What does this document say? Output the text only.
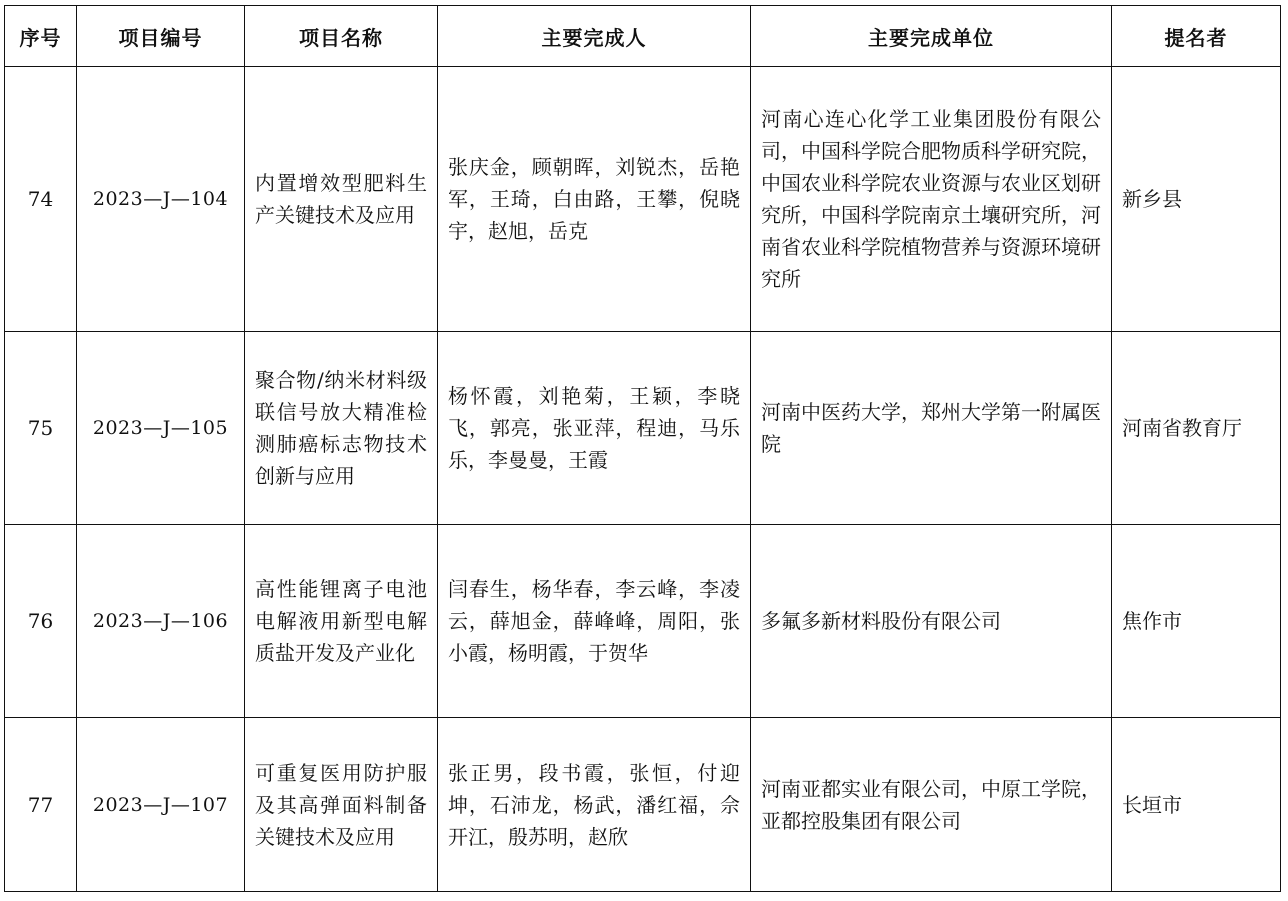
序号	项目编号	项目名称	主要完成人	主要完成单位	提名者
74	2023—J—104	内置增效型肥料生产关键技术及应用	张庆金，顾朝晖，刘锐杰，岳艳军，王琦，白由路，王攀，倪晓宇，赵旭，岳克	河南心连心化学工业集团股份有限公司，中国科学院合肥物质科学研究院，中国农业科学院农业资源与农业区划研究所，中国科学院南京土壤研究所，河南省农业科学院植物营养与资源环境研究所	新乡县
75	2023—J—105	聚合物/纳米材料级联信号放大精准检测肺癌标志物技术创新与应用	杨怀霞，刘艳菊，王颖，李晓飞，郭亮，张亚萍，程迪，马乐乐，李曼曼，王霞	河南中医药大学，郑州大学第一附属医院	河南省教育厅
76	2023—J—106	高性能锂离子电池电解液用新型电解质盐开发及产业化	闫春生，杨华春，李云峰，李凌云，薛旭金，薛峰峰，周阳，张小霞，杨明霞，于贺华	多氟多新材料股份有限公司	焦作市
77	2023—J—107	可重复医用防护服及其高弹面料制备关键技术及应用	张正男，段书霞，张恒，付迎坤，石沛龙，杨武，潘红福，佘开江，殷苏明，赵欣	河南亚都实业有限公司，中原工学院，亚都控股集团有限公司	长垣市
